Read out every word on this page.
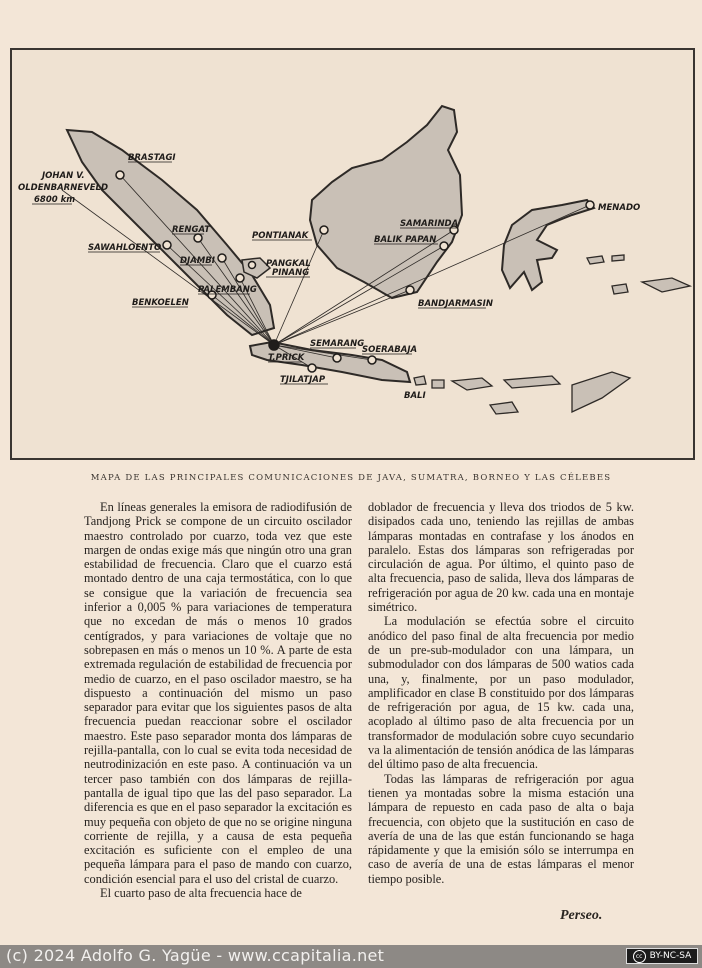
BRASTAGI
JOHAN V.
OLDENBARNEVELD
6800 km
SAWAHLOENTO
RENGAT
DJAMBI
PALEMBANG
BENKOELEN
PONTIANAK
PANGKAL
PINANG
SAMARINDA
BALIK PAPAN
BANDJARMASIN
MENADO
SEMARANG
SOERABAJA
T.PRICK
TJILATJAP
BALI
MAPA DE LAS PRINCIPALES COMUNICACIONES DE JAVA, SUMATRA, BORNEO Y LAS CÉLEBES

En líneas generales la emisora de radiodifusión de Tandjong Prick se compone de un circuito oscilador maestro controlado por cuarzo, toda vez que este margen de ondas exige más que ningún otro una gran estabilidad de frecuencia. Claro que el cuarzo está montado dentro de una caja termostática, con lo que se consigue que la variación de frecuencia sea inferior a 0,005 % para variaciones de temperatura que no excedan de más o menos 10 grados centígrados, y para variaciones de voltaje que no sobrepasen en más o menos un 10 %. A parte de esta extremada regulación de estabilidad de frecuencia por medio de cuarzo, en el paso oscilador maestro, se ha dispuesto a continuación del mismo un paso separador para evitar que los siguientes pasos de alta frecuencia puedan reaccionar sobre el oscilador maestro. Este paso separador monta dos lámparas de rejilla-pantalla, con lo cual se evita toda necesidad de neutrodinización en este paso. A continuación va un tercer paso también con dos lámparas de rejilla-pantalla de igual tipo que las del paso separador. La diferencia es que en el paso separador la excitación es muy pequeña con objeto de que no se origine ninguna corriente de rejilla, y a causa de esta pequeña excitación es suficiente con el empleo de una pequeña lámpara para el paso de mando con cuarzo, condición esencial para el uso del cristal de cuarzo.

El cuarto paso de alta frecuencia hace de

doblador de frecuencia y lleva dos triodos de 5 kw. disipados cada uno, teniendo las rejillas de ambas lámparas montadas en contrafase y los ánodos en paralelo. Estas dos lámparas son refrigeradas por circulación de agua. Por último, el quinto paso de alta frecuencia, paso de salida, lleva dos lámparas de refrigeración por agua de 20 kw. cada una en montaje simétrico.

La modulación se efectúa sobre el circuito anódico del paso final de alta frecuencia por medio de un pre-sub-modulador con una lámpara, un submodulador con dos lámparas de 500 watios cada una, y, finalmente, por un paso modulador, amplificador en clase B constituido por dos lámparas de refrigeración por agua, de 15 kw. cada una, acoplado al último paso de alta frecuencia por un transformador de modulación sobre cuyo secundario va la alimentación de tensión anódica de las lámparas del último paso de alta frecuencia.

Todas las lámparas de refrigeración por agua tienen ya montadas sobre la misma estación una lámpara de repuesto en cada paso de alta o baja frecuencia, con objeto que la sustitución en caso de avería de una de las que están funcionando se haga rápidamente y que la emisión sólo se interrumpa en caso de avería de una de estas lámparas el menor tiempo posible.

Perseo.
(c) 2024 Adolfo G. Yagüe - www.ccapitalia.net	cc BY-NC-SA
